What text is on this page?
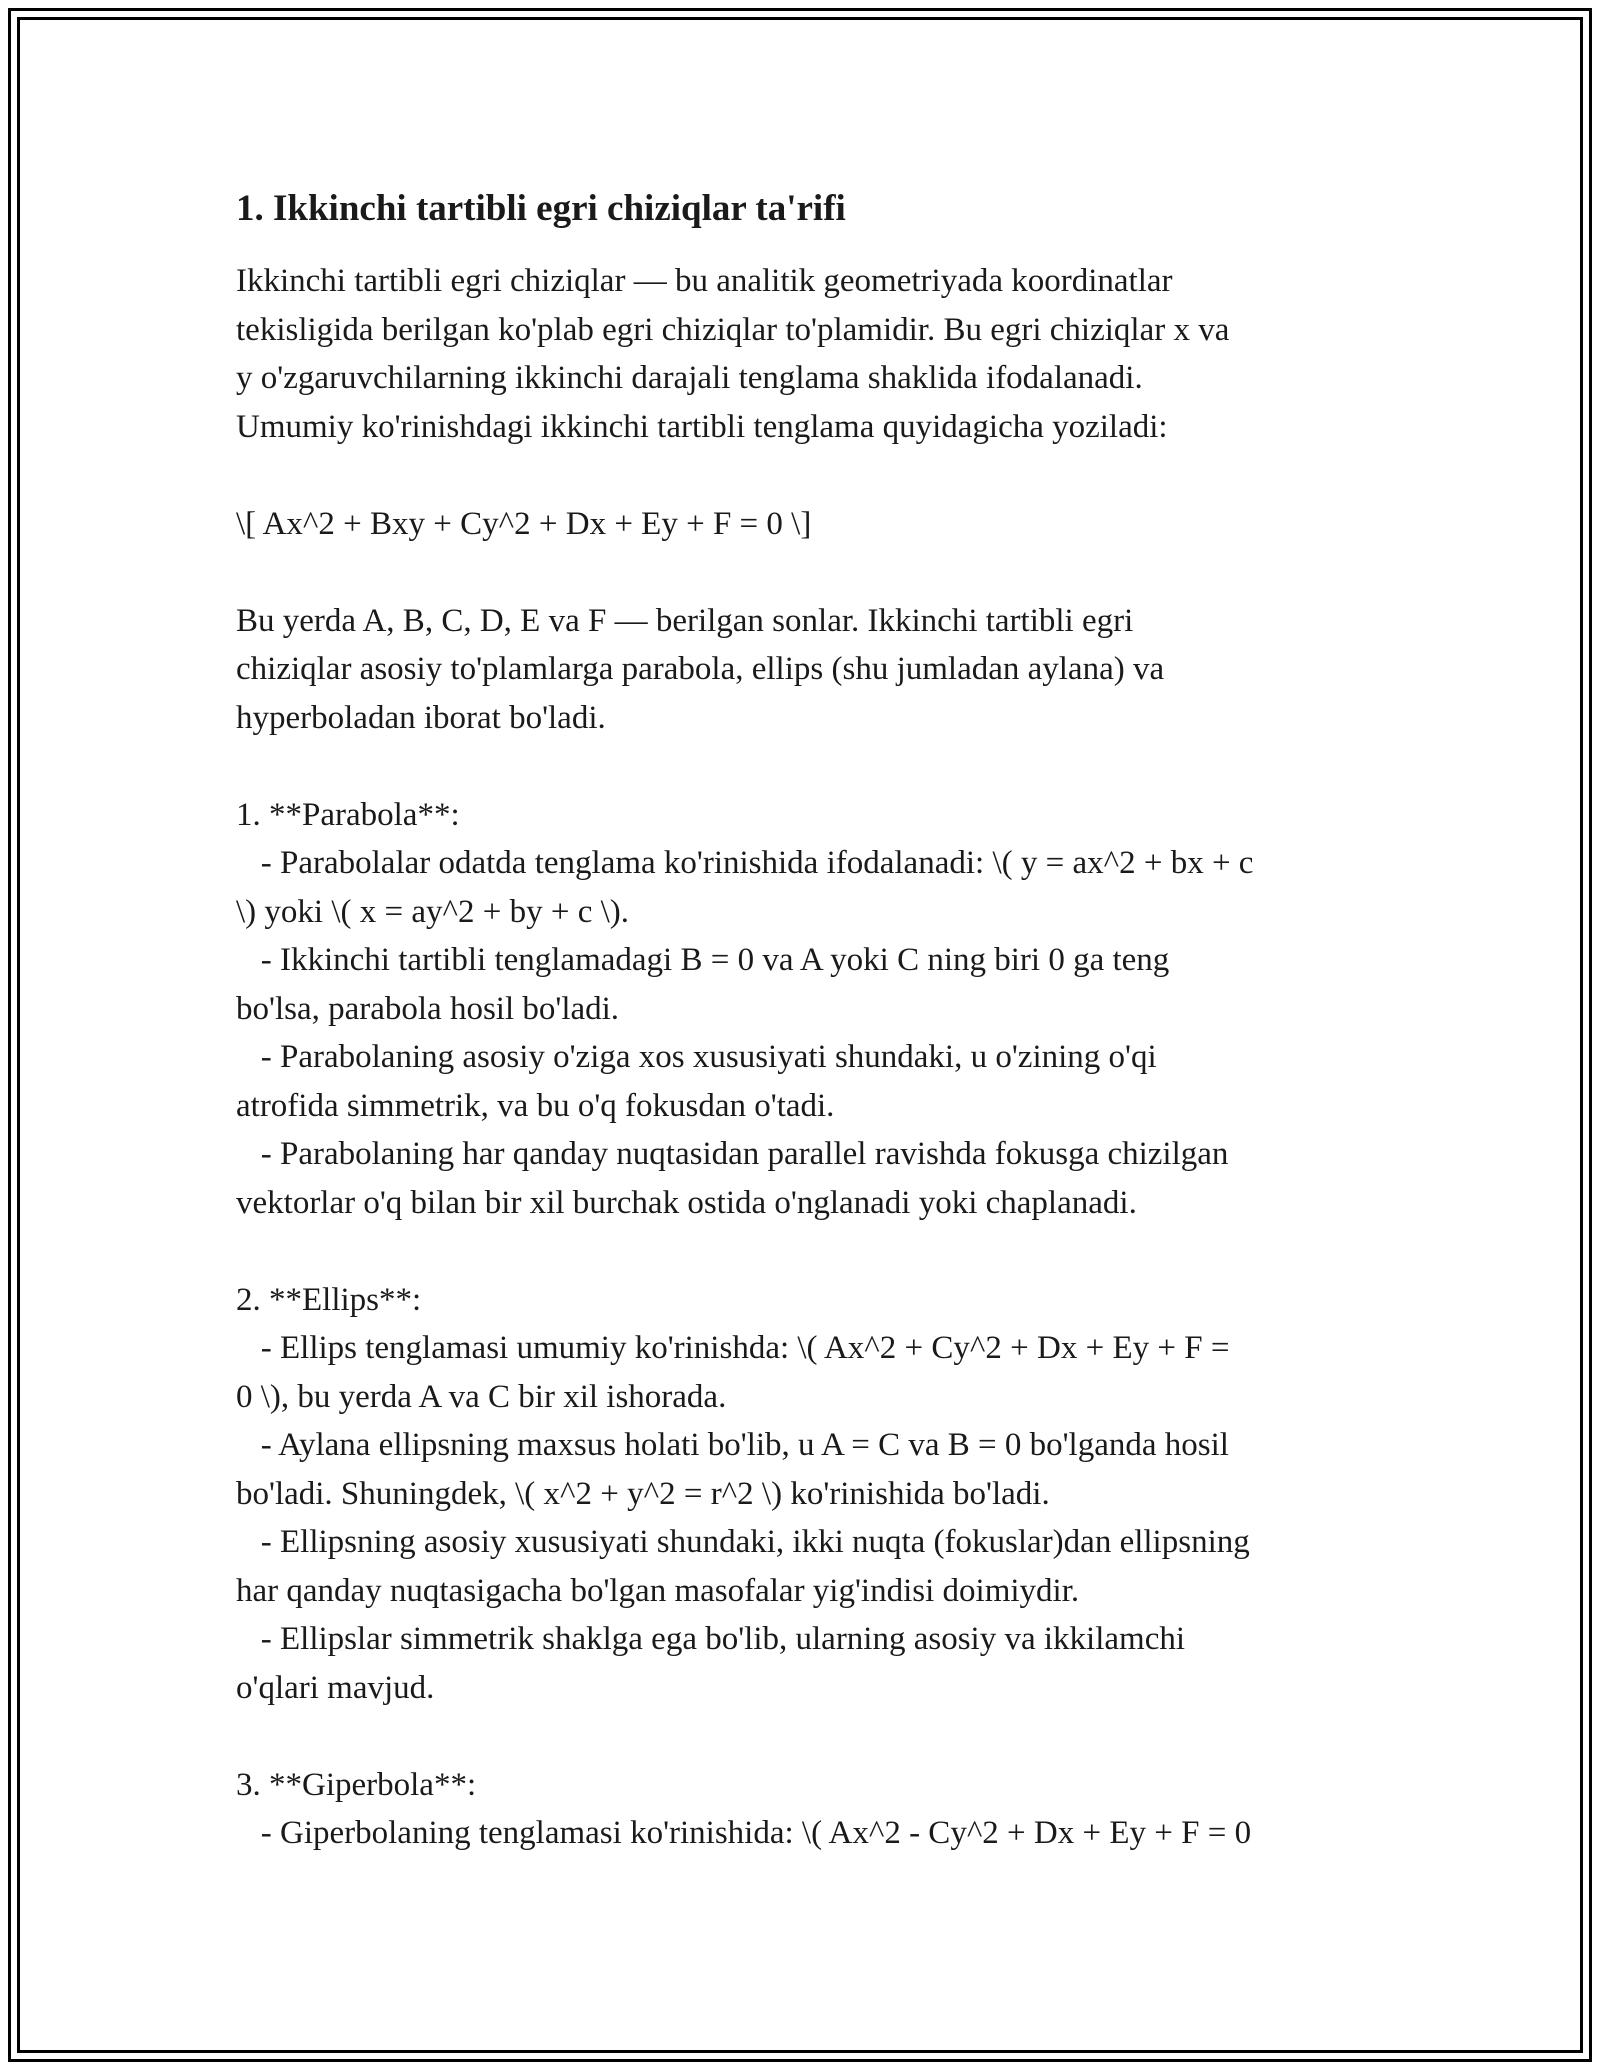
1. Ikkinchi tartibli egri chiziqlar ta'rifi

Ikkinchi tartibli egri chiziqlar — bu analitik geometriyada koordinatlar
tekisligida berilgan ko'plab egri chiziqlar to'plamidir. Bu egri chiziqlar x va
y o'zgaruvchilarning ikkinchi darajali tenglama shaklida ifodalanadi.
Umumiy ko'rinishdagi ikkinchi tartibli tenglama quyidagicha yoziladi:

\[ Ax^2 + Bxy + Cy^2 + Dx + Ey + F = 0 \]

Bu yerda A, B, C, D, E va F — berilgan sonlar. Ikkinchi tartibli egri
chiziqlar asosiy to'plamlarga parabola, ellips (shu jumladan aylana) va
hyperboladan iborat bo'ladi.

1. **Parabola**:
- Parabolalar odatda tenglama ko'rinishida ifodalanadi: \( y = ax^2 + bx + c
\) yoki \( x = ay^2 + by + c \).
- Ikkinchi tartibli tenglamadagi B = 0 va A yoki C ning biri 0 ga teng
bo'lsa, parabola hosil bo'ladi.
- Parabolaning asosiy o'ziga xos xususiyati shundaki, u o'zining o'qi
atrofida simmetrik, va bu o'q fokusdan o'tadi.
- Parabolaning har qanday nuqtasidan parallel ravishda fokusga chizilgan
vektorlar o'q bilan bir xil burchak ostida o'nglanadi yoki chaplanadi.

2. **Ellips**:
- Ellips tenglamasi umumiy ko'rinishda: \( Ax^2 + Cy^2 + Dx + Ey + F =
0 \), bu yerda A va C bir xil ishorada.
- Aylana ellipsning maxsus holati bo'lib, u A = C va B = 0 bo'lganda hosil
bo'ladi. Shuningdek, \( x^2 + y^2 = r^2 \) ko'rinishida bo'ladi.
- Ellipsning asosiy xususiyati shundaki, ikki nuqta (fokuslar)dan ellipsning
har qanday nuqtasigacha bo'lgan masofalar yig'indisi doimiydir.
- Ellipslar simmetrik shaklga ega bo'lib, ularning asosiy va ikkilamchi
o'qlari mavjud.

3. **Giperbola**:
- Giperbolaning tenglamasi ko'rinishida: \( Ax^2 - Cy^2 + Dx + Ey + F = 0
